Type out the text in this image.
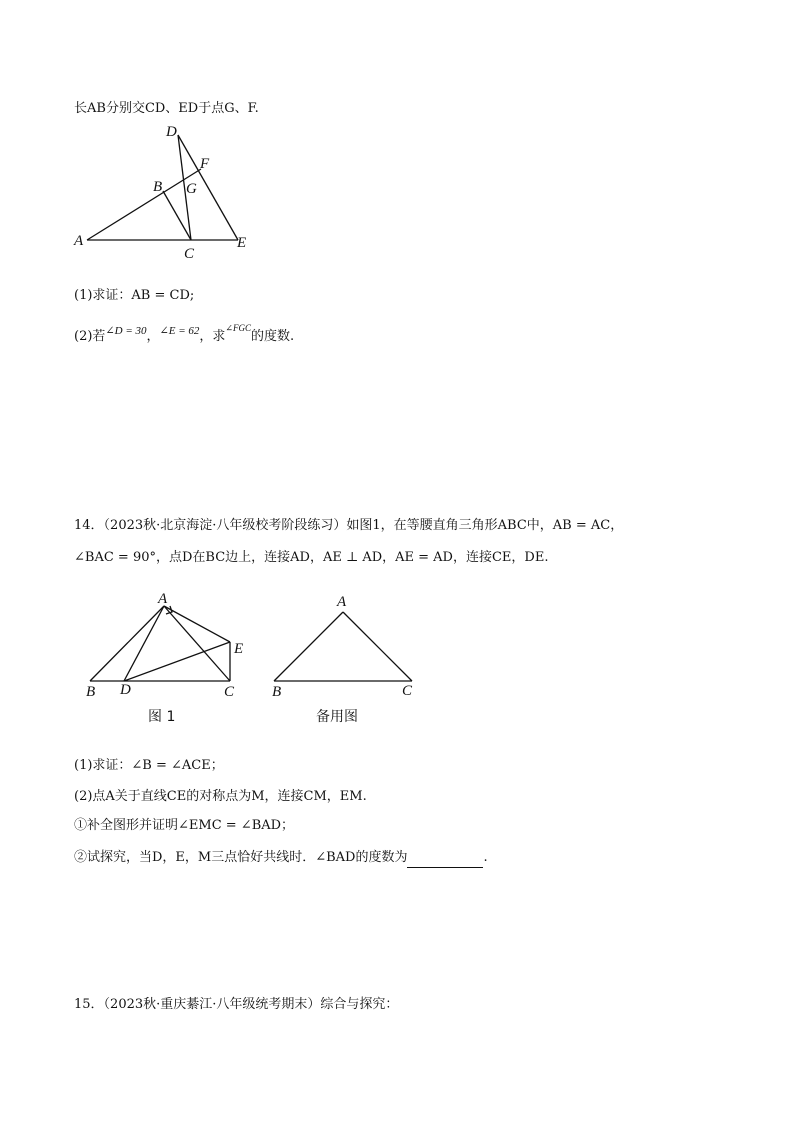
长AB分别交CD、ED于点G、F.
D
F
B G
A
C
E
(1)求证：AB = CD;
(2)若$^{\angle D = 30}$，$^{\angle E = 62}$，求$^{\angle FGC}$的度数.
14．（2023秋·北京海淀·八年级校考阶段练习）如图1，在等腰直角三角形ABC中，AB = AC，
∠BAC = 90°，点D在BC边上，连接AD，AE ⊥ AD，AE = AD，连接CE，DE.
A
E
B D	C
图 1
A
B	C
备用图
(1)求证：∠B = ∠ACE；
(2)点A关于直线CE的对称点为M，连接CM，EM.
①补全图形并证明∠EMC = ∠BAD；
②试探究，当D，E，M三点恰好共线时．∠BAD的度数为	.
15．（2023秋·重庆綦江·八年级统考期末）综合与探究：
